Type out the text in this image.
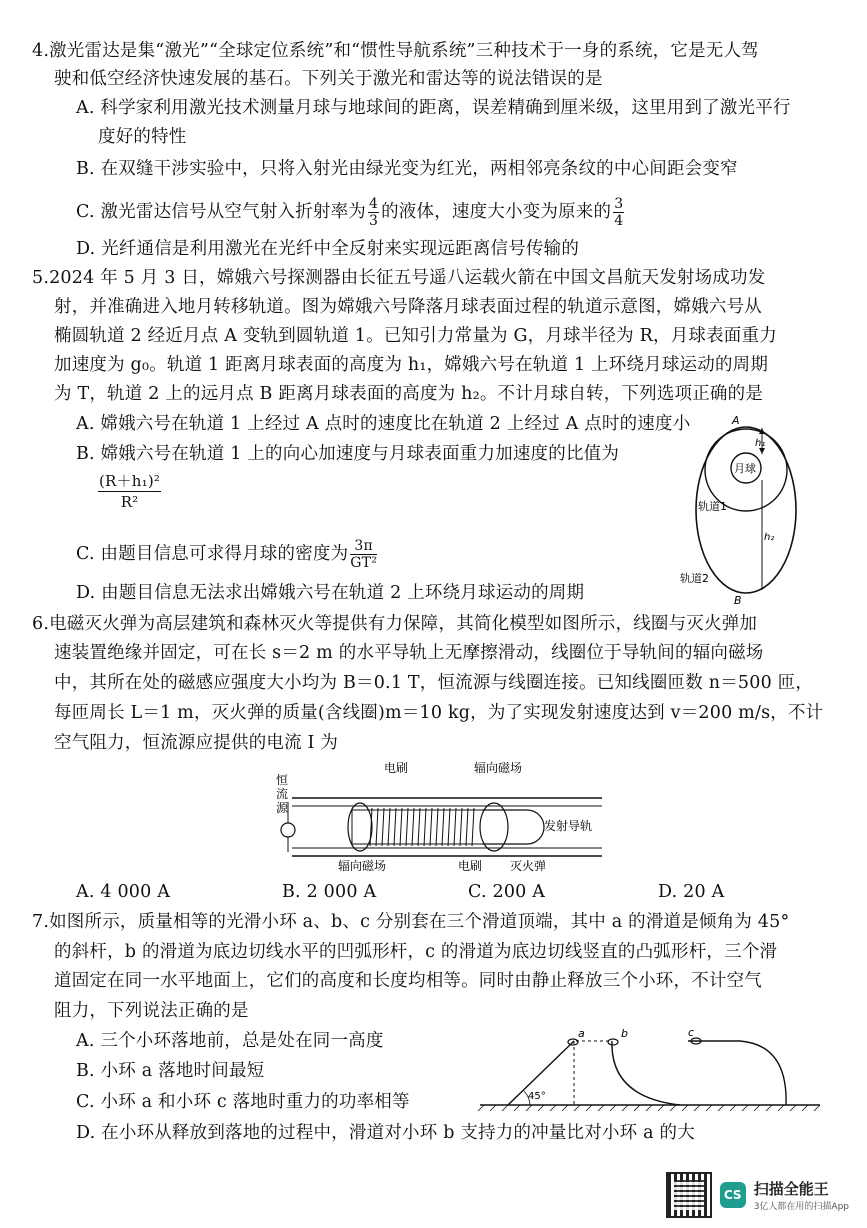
4.激光雷达是集“激光”“全球定位系统”和“惯性导航系统”三种技术于一身的系统，它是无人驾
驶和低空经济快速发展的基石。下列关于激光和雷达等的说法错误的是
A. 科学家利用激光技术测量月球与地球间的距离，误差精确到厘米级，这里用到了激光平行
度好的特性
B. 在双缝干涉实验中，只将入射光由绿光变为红光，两相邻亮条纹的中心间距会变窄
C. 激光雷达信号从空气射入折射率为 $\frac{4}{3}$ 的液体，速度大小变为原来的 $\frac{3}{4}$
D. 光纤通信是利用激光在光纤中全反射来实现远距离信号传输的
5.2024 年 5 月 3 日，嫦娥六号探测器由长征五号遥八运载火箭在中国文昌航天发射场成功发
射，并准确进入地月转移轨道。图为嫦娥六号降落月球表面过程的轨道示意图，嫦娥六号从
椭圆轨道 2 经近月点 A 变轨到圆轨道 1。已知引力常量为 G，月球半径为 R，月球表面重力
加速度为 g₀。轨道 1 距离月球表面的高度为 h₁，嫦娥六号在轨道 1 上环绕月球运动的周期
为 T，轨道 2 上的远月点 B 距离月球表面的高度为 h₂。不计月球自转，下列选项正确的是
A. 嫦娥六号在轨道 1 上经过 A 点时的速度比在轨道 2 上经过 A 点时的速度小
B. 嫦娥六号在轨道 1 上的向心加速度与月球表面重力加速度的比值为
$\frac{\text{(R＋h₁)²}}{\text{R²}}$
C. 由题目信息可求得月球的密度为 $\frac{3\pi}{\text{GT²}}$
D. 由题目信息无法求出嫦娥六号在轨道 2 上环绕月球运动的周期
月球
h₁
h₂
A
B
轨道1
轨道2
6.电磁灭火弹为高层建筑和森林灭火等提供有力保障，其简化模型如图所示，线圈与灭火弹加
速装置绝缘并固定，可在长 s＝2 m 的水平导轨上无摩擦滑动，线圈位于导轨间的辐向磁场
中，其所在处的磁感应强度大小均为 B＝0.1 T，恒流源与线圈连接。已知线圈匝数 n＝500 匝，
每匝周长 L＝1 m，灭火弹的质量(含线圈)m＝10 kg，为了实现发射速度达到 v＝200 m/s，不计
空气阻力，恒流源应提供的电流 I 为
恒
流
源
电刷	辐向磁场
发射导轨
辐向磁场	电刷 灭火弹
A. 4 000 A	B. 2 000 A	C. 200 A	D. 20 A
7.如图所示，质量相等的光滑小环 a、b、c 分别套在三个滑道顶端，其中 a 的滑道是倾角为 45°
的斜杆，b 的滑道为底边切线水平的凹弧形杆，c 的滑道为底边切线竖直的凸弧形杆，三个滑
道固定在同一水平地面上，它们的高度和长度均相等。同时由静止释放三个小环，不计空气
阻力，下列说法正确的是
A. 三个小环落地前，总是处在同一高度
B. 小环 a 落地时间最短
C. 小环 a 和小环 c 落地时重力的功率相等
D. 在小环从释放到落地的过程中，滑道对小环 b 支持力的冲量比对小环 a 的大
45°
a	b	c
CS 扫描全能王
3亿人都在用的扫描App
